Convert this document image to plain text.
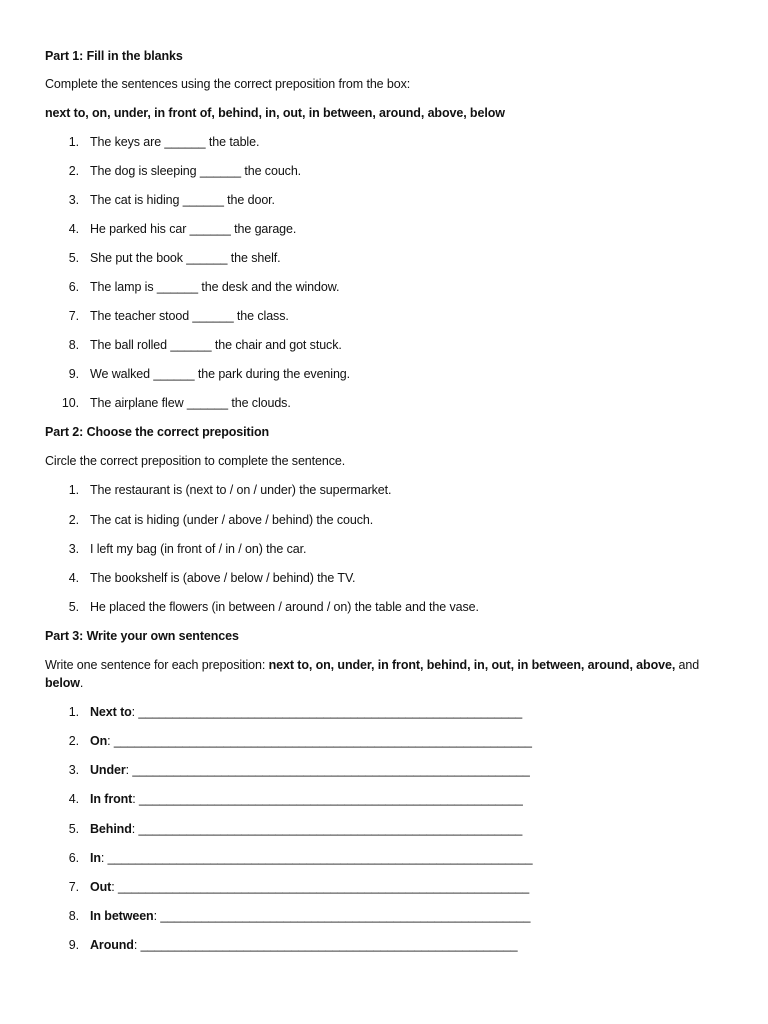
Part 1: Fill in the blanks

Complete the sentences using the correct preposition from the box:

next to, on, under, in front of, behind, in, out, in between, around, above, below

1. The keys are ______ the table.
2. The dog is sleeping ______ the couch.
3. The cat is hiding ______ the door.
4. He parked his car ______ the garage.
5. She put the book ______ the shelf.
6. The lamp is ______ the desk and the window.
7. The teacher stood ______ the class.
8. The ball rolled ______ the chair and got stuck.
9. We walked ______ the park during the evening.
10. The airplane flew ______ the clouds.

Part 2: Choose the correct preposition

Circle the correct preposition to complete the sentence.

1. The restaurant is (next to / on / under) the supermarket.
2. The cat is hiding (under / above / behind) the couch.
3. I left my bag (in front of / in / on) the car.
4. The bookshelf is (above / below / behind) the TV.
5. He placed the flowers (in between / around / on) the table and the vase.

Part 3: Write your own sentences

Write one sentence for each preposition: next to, on, under, in front, behind, in, out, in between, around, above, and below.

1. Next to: ________________________________________________________
2. On: _____________________________________________________________
3. Under: __________________________________________________________
4. In front: ________________________________________________________
5. Behind: ________________________________________________________
6. In: ______________________________________________________________
7. Out: ____________________________________________________________
8. In between: ______________________________________________________
9. Around: _______________________________________________________
